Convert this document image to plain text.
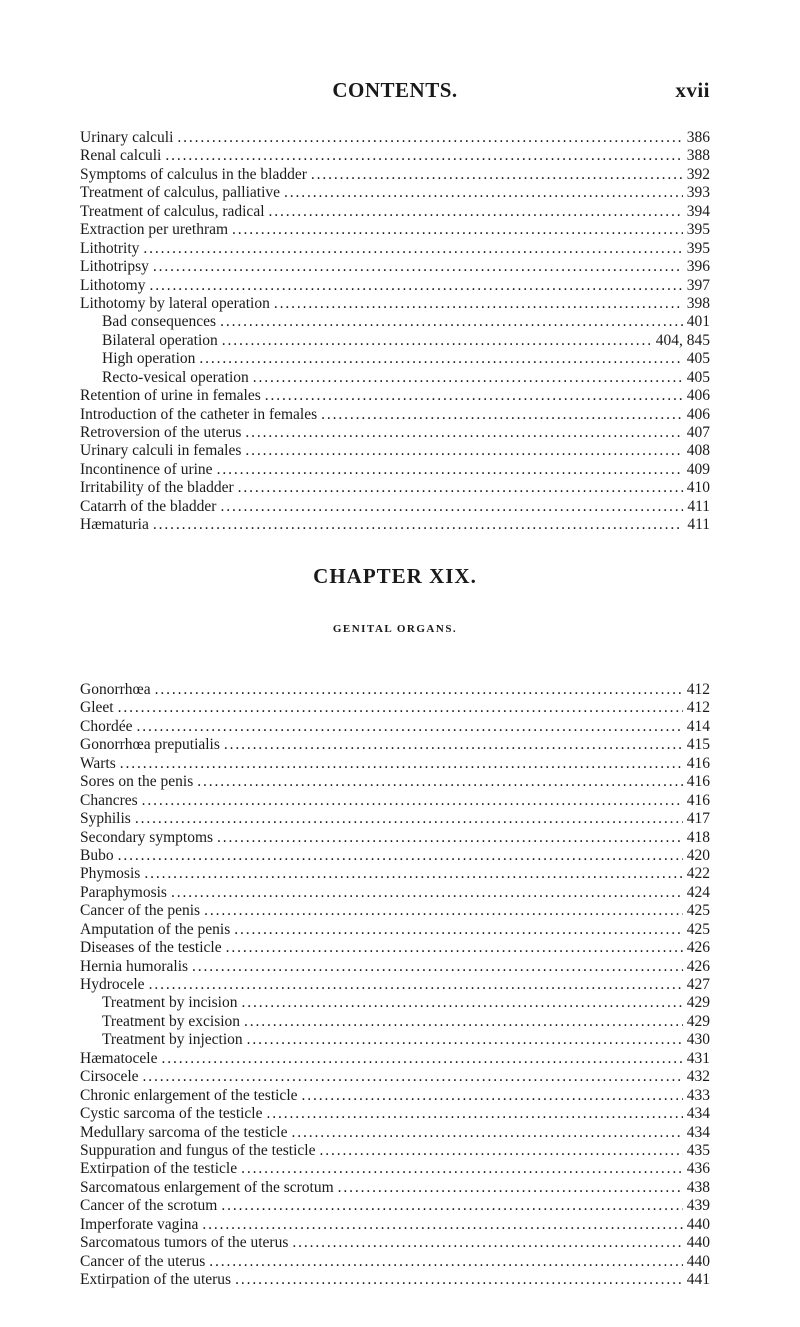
CONTENTS.	xvii
Urinary calculi . . .	386
Renal calculi . . .	388
Symptoms of calculus in the bladder . . .	392
Treatment of calculus, palliative . . .	393
Treatment of calculus, radical . . .	394
Extraction per urethram . . .	395
Lithotrity . . .	395
Lithotripsy . . .	396
Lithotomy . . .	397
Lithotomy by lateral operation . . .	398
Bad consequences . . .	401
Bilateral operation . . .	404, 845
High operation . . .	405
Recto-vesical operation . . .	405
Retention of urine in females . . .	406
Introduction of the catheter in females . . .	406
Retroversion of the uterus . . .	407
Urinary calculi in females . . .	408
Incontinence of urine . . .	409
Irritability of the bladder . . .	410
Catarrh of the bladder . . .	411
Hæmaturia . . .	411
CHAPTER XIX.
GENITAL ORGANS.
Gonorrhœa . . .	412
Gleet . . .	412
Chordée . . .	414
Gonorrhœa preputialis . . .	415
Warts . . .	416
Sores on the penis . . .	416
Chancres . . .	416
Syphilis . . .	417
Secondary symptoms . . .	418
Bubo . . .	420
Phymosis . . .	422
Paraphymosis . . .	424
Cancer of the penis . . .	425
Amputation of the penis . . .	425
Diseases of the testicle . . .	426
Hernia humoralis . . .	426
Hydrocele . . .	427
Treatment by incision . . .	429
Treatment by excision . . .	429
Treatment by injection . . .	430
Hæmatocele . . .	431
Cirsocele . . .	432
Chronic enlargement of the testicle . . .	433
Cystic sarcoma of the testicle . . .	434
Medullary sarcoma of the testicle . . .	434
Suppuration and fungus of the testicle . . .	435
Extirpation of the testicle . . .	436
Sarcomatous enlargement of the scrotum . . .	438
Cancer of the scrotum . . .	439
Imperforate vagina . . .	440
Sarcomatous tumors of the uterus . . .	440
Cancer of the uterus . . .	440
Extirpation of the uterus . . .	441
